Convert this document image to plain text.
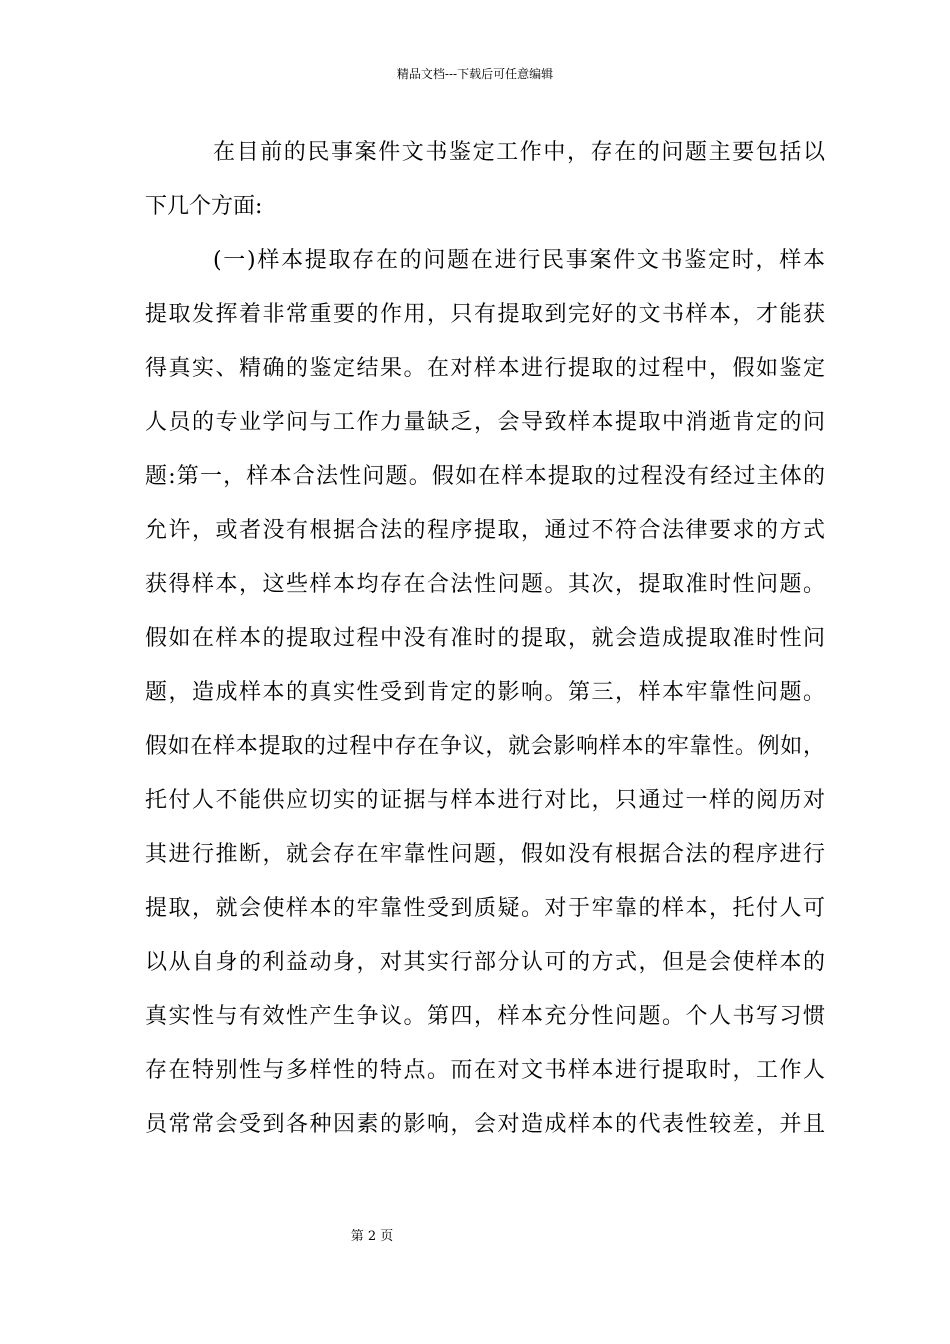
精品文档---下载后可任意编辑
在目前的民事案件文书鉴定工作中，存在的问题主要包括以
下几个方面:
(一)样本提取存在的问题在进行民事案件文书鉴定时，样本
提取发挥着非常重要的作用，只有提取到完好的文书样本，才能获
得真实、精确的鉴定结果。在对样本进行提取的过程中，假如鉴定
人员的专业学问与工作力量缺乏，会导致样本提取中消逝肯定的问
题:第一，样本合法性问题。假如在样本提取的过程没有经过主体的
允许，或者没有根据合法的程序提取，通过不符合法律要求的方式
获得样本，这些样本均存在合法性问题。其次，提取准时性问题。
假如在样本的提取过程中没有准时的提取，就会造成提取准时性问
题，造成样本的真实性受到肯定的影响。第三，样本牢靠性问题。
假如在样本提取的过程中存在争议，就会影响样本的牢靠性。例如，
托付人不能供应切实的证据与样本进行对比，只通过一样的阅历对
其进行推断，就会存在牢靠性问题，假如没有根据合法的程序进行
提取，就会使样本的牢靠性受到质疑。对于牢靠的样本，托付人可
以从自身的利益动身，对其实行部分认可的方式，但是会使样本的
真实性与有效性产生争议。第四，样本充分性问题。个人书写习惯
存在特别性与多样性的特点。而在对文书样本进行提取时，工作人
员常常会受到各种因素的影响，会对造成样本的代表性较差，并且
第 2 页
